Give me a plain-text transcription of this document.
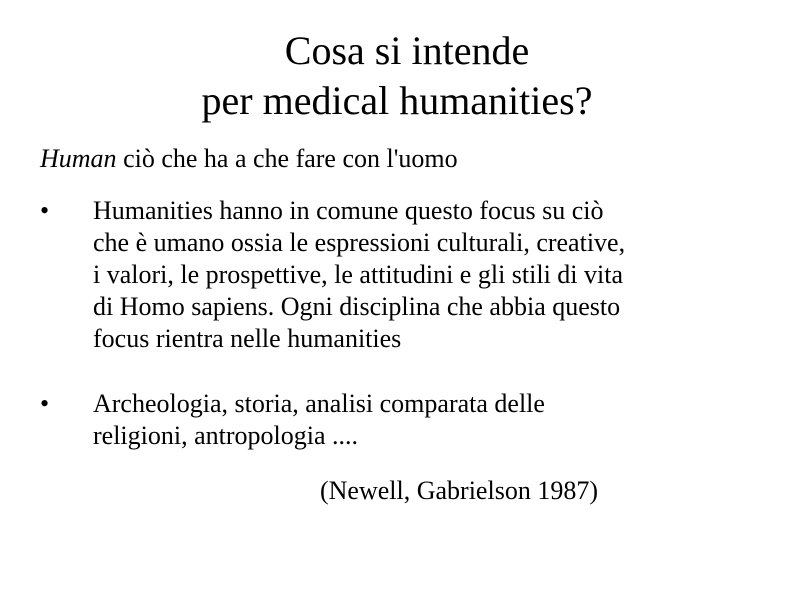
Cosa si intende
per medical humanities?
Human ciò che ha a che fare con l'uomo
•	Humanities hanno in comune questo focus su ciò
che è umano ossia le espressioni culturali, creative,
i valori, le prospettive, le attitudini e gli stili di vita
di Homo sapiens. Ogni disciplina che abbia questo
focus rientra nelle humanities
•	Archeologia, storia, analisi comparata delle
religioni, antropologia ....
(Newell, Gabrielson 1987)
